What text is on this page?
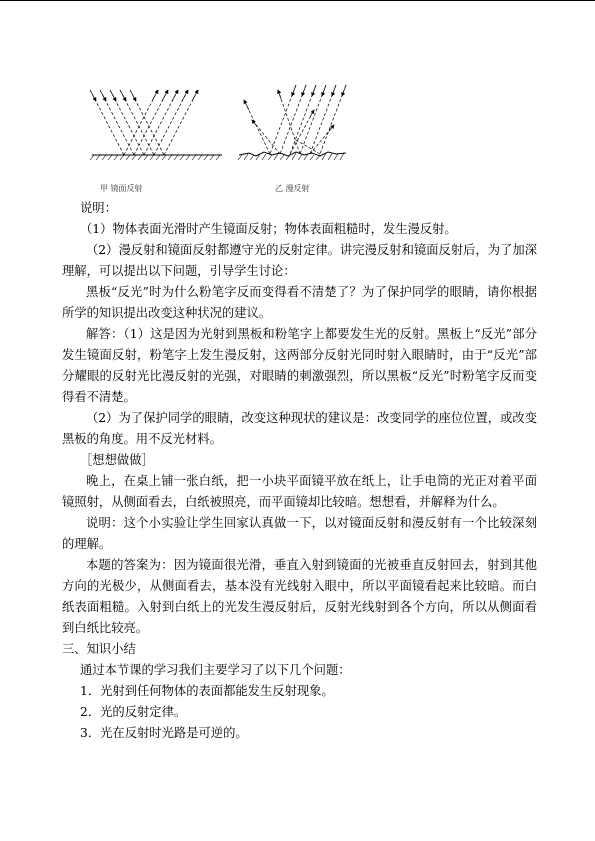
甲 镜面反射	乙 漫反射
说明：
（1）物体表面光滑时产生镜面反射；物体表面粗糙时，发生漫反射。

（2）漫反射和镜面反射都遵守光的反射定律。讲完漫反射和镜面反射后，为了加深理解，可以提出以下问题，引导学生讨论：

黑板“反光”时为什么粉笔字反而变得看不清楚了？为了保护同学的眼睛，请你根据所学的知识提出改变这种状况的建议。

解答：（1）这是因为光射到黑板和粉笔字上都要发生光的反射。黑板上“反光”部分发生镜面反射，粉笔字上发生漫反射，这两部分反射光同时射入眼睛时，由于“反光”部分耀眼的反射光比漫反射的光强，对眼睛的刺激强烈，所以黑板“反光”时粉笔字反而变得看不清楚。

（2）为了保护同学的眼睛，改变这种现状的建议是：改变同学的座位位置，或改变黑板的角度。用不反光材料。

［想想做做］

晚上，在桌上铺一张白纸，把一小块平面镜平放在纸上，让手电筒的光正对着平面镜照射，从侧面看去，白纸被照亮，而平面镜却比较暗。想想看，并解释为什么。

说明：这个小实验让学生回家认真做一下，以对镜面反射和漫反射有一个比较深刻的理解。

本题的答案为：因为镜面很光滑，垂直入射到镜面的光被垂直反射回去，射到其他方向的光极少，从侧面看去，基本没有光线射入眼中，所以平面镜看起来比较暗。而白纸表面粗糙。入射到白纸上的光发生漫反射后，反射光线射到各个方向，所以从侧面看到白纸比较亮。

三、知识小结
通过本节课的学习我们主要学习了以下几个问题：
1．光射到任何物体的表面都能发生反射现象。
2．光的反射定律。
3．光在反射时光路是可逆的。
